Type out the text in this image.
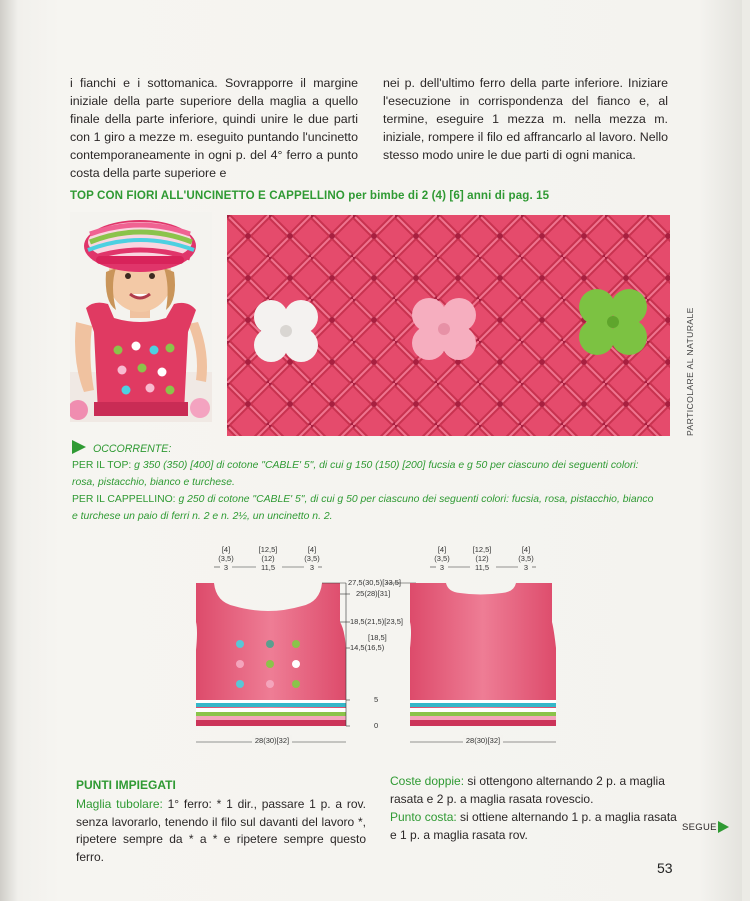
i fianchi e i sottomanica. Sovrapporre il margine iniziale della parte superiore della maglia a quello finale della parte inferiore, quindi unire le due parti con 1 giro a mezze m. eseguito puntando l'uncinetto contemporaneamente in ogni p. del 4° ferro a punto costa della parte superiore e
nei p. dell'ultimo ferro della parte inferiore. Iniziare l'esecuzione in corrispondenza del fianco e, al termine, eseguire 1 mezza m. nella mezza m. iniziale, rompere il filo ed affrancarlo al lavoro. Nello stesso modo unire le due parti di ogni manica.
TOP CON FIORI ALL'UNCINETTO E CAPPELLINO per bimbe di 2 (4) [6] anni di pag. 15
PARTICOLARE AL NATURALE
OCCORRENTE:
PER IL TOP: g 350 (350) [400] di cotone "CABLE' 5", di cui g 150 (150) [200] fucsia e g 50 per ciascuno dei seguenti colori:
rosa, pistacchio, bianco e turchese.
PER IL CAPPELLINO: g 250 di cotone "CABLE' 5", di cui g 50 per ciascuno dei seguenti colori: fucsia, rosa, pistacchio, bianco
e turchese un paio di ferri n. 2 e n. 2½, un uncinetto n. 2.
[4]
(3,5)
3
[12,5]
(12)
11,5
[4]
(3,5)
3
28(30)[32]
27,5(30,5)[33,5]
25(28)[31]
18,5(21,5)[23,5]
[18,5]
14,5(16,5)
5
0
[4]
(3,5)
3
[12,5]
(12)
11,5
[4]
(3,5)
3
28(30)[32]
PUNTI IMPIEGATI
Maglia tubolare: 1° ferro: * 1 dir., passare 1 p. a rov. senza lavorarlo, tenendo il filo sul davanti del lavoro *, ripetere sempre da * a * e ripetere sempre questo ferro.
Coste doppie: si ottengono alternando 2 p. a maglia rasata e 2 p. a maglia rasata rovescio.
Punto costa: si ottiene alternando 1 p. a maglia rasata e 1 p. a maglia rasata rov.
SEGUE
53
